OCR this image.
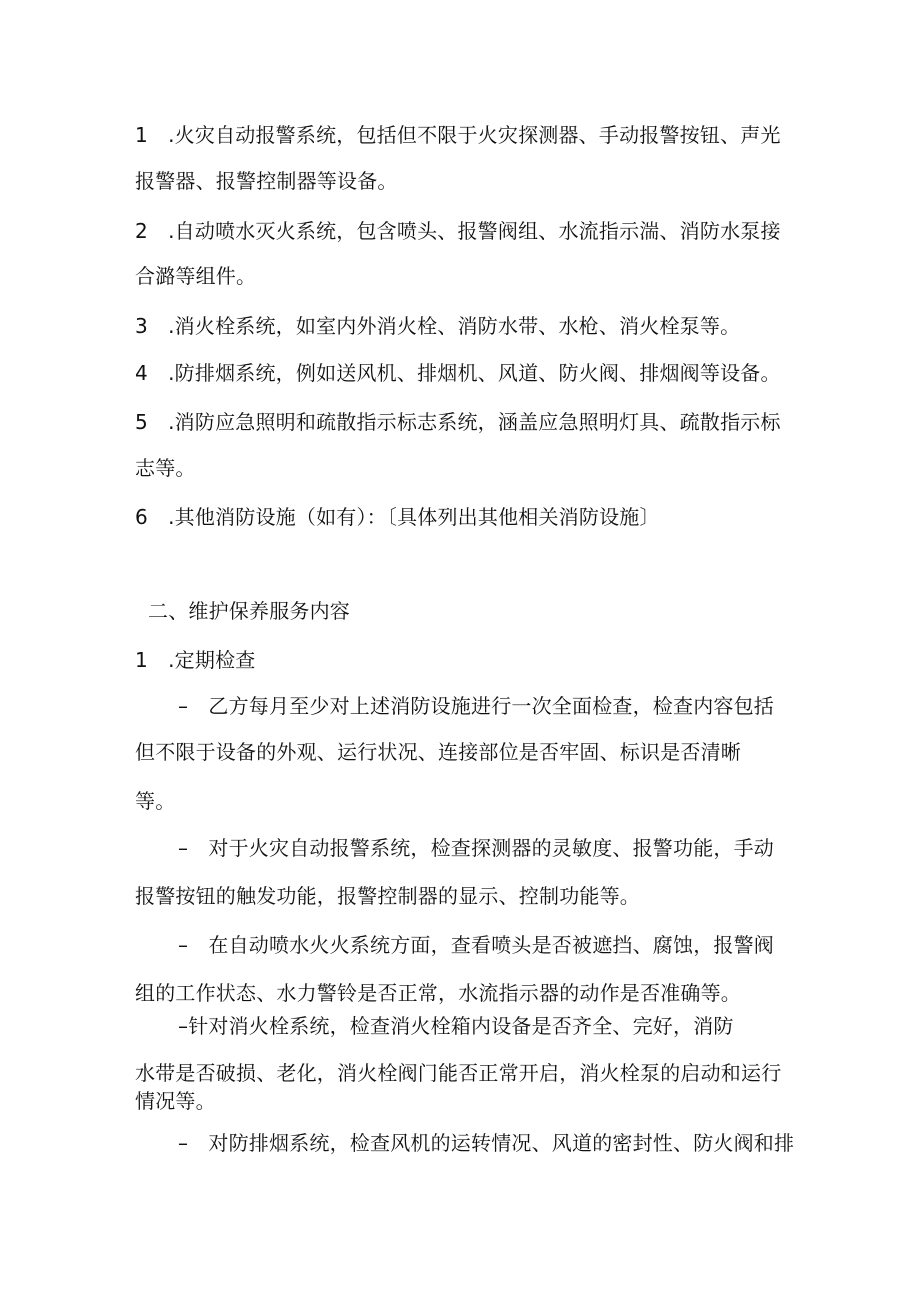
1　.火灾自动报警系统，包括但不限于火灾探测器、手动报警按钮、声光
报警器、报警控制器等设备。
2　.自动喷水灭火系统，包含喷头、报警阀组、水流指示湍、消防水泵接
合潞等组件。
3　.消火栓系统，如室内外消火栓、消防水带、水枪、消火栓泵等。
4　.防排烟系统，例如送风机、排烟机、风道、防火阀、排烟阀等设备。
5　.消防应急照明和疏散指示标志系统，涵盖应急照明灯具、疏散指示标
志等。
6　.其他消防设施（如有）：〔具体列出其他相关消防设施〕
二、维护保养服务内容
1　.定期检查
–　乙方每月至少对上述消防设施进行一次全面检查，检查内容包括
但不限于设备的外观、运行状况、连接部位是否牢固、标识是否清晰
等。
–　对于火灾自动报警系统，检查探测器的灵敏度、报警功能，手动
报警按钮的触发功能，报警控制器的显示、控制功能等。
–　在自动喷水火火系统方面，查看喷头是否被遮挡、腐蚀，报警阀
组的工作状态、水力警铃是否正常，水流指示器的动作是否准确等。
–针对消火栓系统，检查消火栓箱内设备是否齐全、完好，消防
水带是否破损、老化，消火栓阀门能否正常开启，消火栓泵的启动和运行
情况等。
–　对防排烟系统，检查风机的运转情况、风道的密封性、防火阀和排
